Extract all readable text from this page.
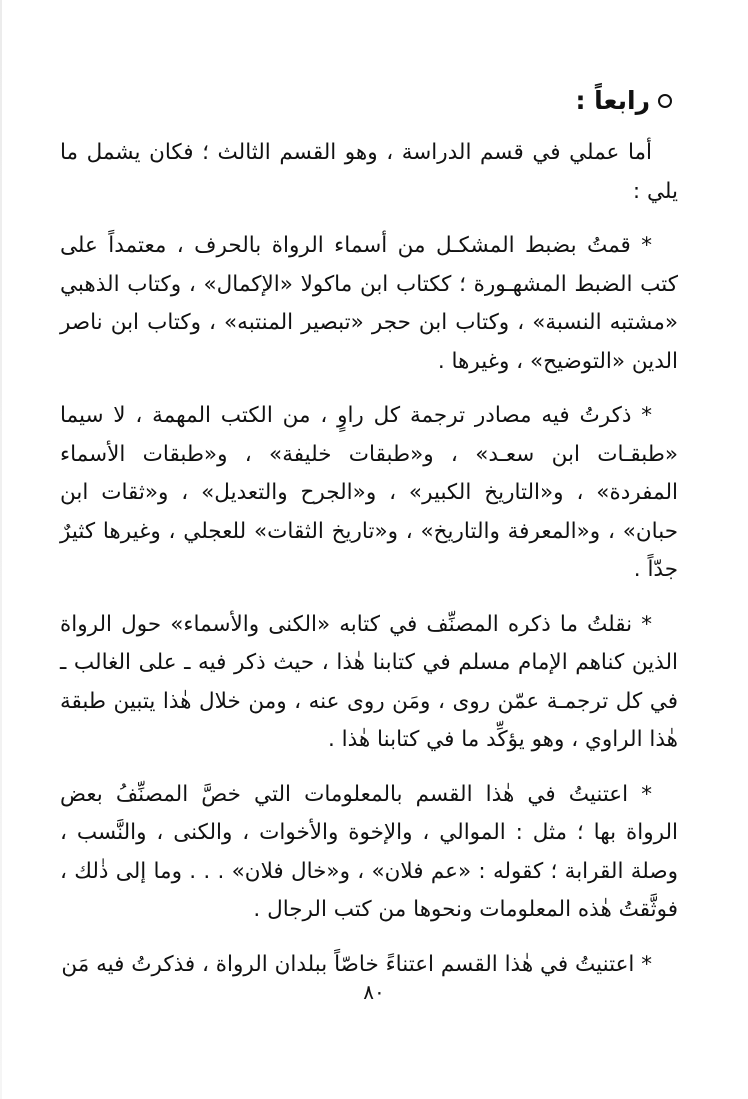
رابعاً :

أما عملي في قسم الدراسة ، وهو القسم الثالث ؛ فكان يشمل ما يلي :

* قمتُ بضبط المشكـل من أسماء الرواة بالحرف ، معتمداً على كتب الضبط المشهـورة ؛ ككتاب ابن ماكولا «الإكمال» ، وكتاب الذهبي «مشتبه النسبة» ، وكتاب ابن حجر «تبصير المنتبه» ، وكتاب ابن ناصر الدين «التوضيح» ، وغيرها .

* ذكرتُ فيه مصادر ترجمة كل راوٍ ، من الكتب المهمة ، لا سيما «طبقـات ابن سعـد» ، و«طبقات خليفة» ، و«طبقات الأسماء المفردة» ، و«التاريخ الكبير» ، و«الجرح والتعديل» ، و«ثقات ابن حبان» ، و«المعرفة والتاريخ» ، و«تاريخ الثقات» للعجلي ، وغيرها كثيرٌ جدّاً .

* نقلتُ ما ذكره المصنِّف في كتابه «الكنى والأسماء» حول الرواة الذين كناهم الإمام مسلم في كتابنا هٰذا ، حيث ذكر فيه ـ على الغالب ـ في كل ترجمـة عمّن روى ، ومَن روى عنه ، ومن خلال هٰذا يتبين طبقة هٰذا الراوي ، وهو يؤكِّد ما في كتابنا هٰذا .

* اعتنيتُ في هٰذا القسم بالمعلومات التي خصَّ المصنِّفُ بعض الرواة بها ؛ مثل : الموالي ، والإخوة والأخوات ، والكنى ، والنَّسب ، وصلة القرابة ؛ كقوله : «عم فلان» ، و«خال فلان» . . . وما إلى ذٰلك ، فوثَّقتُ هٰذه المعلومات ونحوها من كتب الرجال .

* اعتنيتُ في هٰذا القسم اعتناءً خاصّاً ببلدان الرواة ، فذكرتُ فيه مَن

٨٠
